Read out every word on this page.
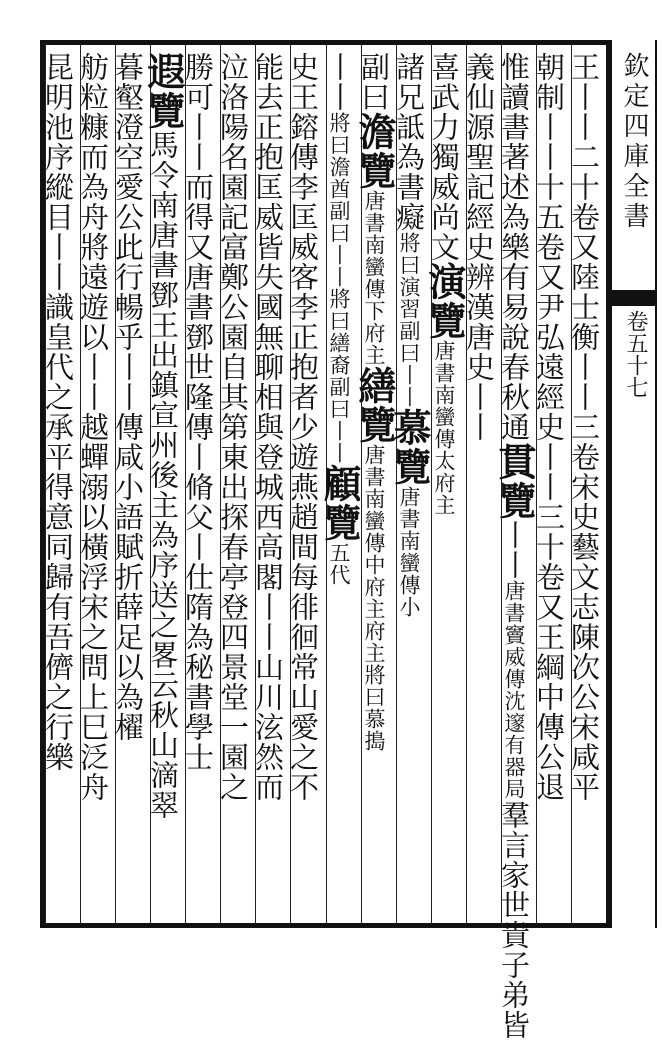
欽定四庫全書
卷五十七
王丨丨二十卷又陸士衡丨丨三卷宋史藝文志陳次公宋咸平
朝制丨丨十五卷又尹弘遠經史丨丨三十卷又王綱中傳公退
惟讀書著述為樂有易說春秋通貫覽丨丨唐書竇威傳沈邃有器局羣言家世貴子弟皆
義仙源聖記經史辨漢唐史丨丨
喜武力獨威尚文演覽唐書南蠻傳太府主
諸兄詆為書癡將曰演習副曰丨丨慕覽唐書南蠻傳小
副曰澹覽唐書南蠻傳下府主繕覽唐書南蠻傳中府主府主將曰慕搗
丨丨將曰澹酋副曰丨丨將曰繕裔副曰丨丨顧覽五代
史王鎔傳李匡威客李正抱者少遊燕趙間每徘徊常山愛之不
能去正抱匡威皆失國無聊相與登城西高閣丨丨山川泫然而
泣洛陽名園記富鄭公園自其第東出探春亭登四景堂一園之
勝可丨丨而得又唐書鄧世隆傳丨脩父丨仕隋為秘書學士
遐覽馬令南唐書鄧王出鎮宣州後主為序送之畧云秋山滴翠
暮壑澄空愛公此行暢乎丨丨傳咸小語賦折薛足以為櫂
舫粒糠而為舟將遠遊以丨丨越蟬溺以橫浮宋之問上巳泛舟
昆明池序縱目丨丨識皇代之承平得意同歸有吾儕之行樂
